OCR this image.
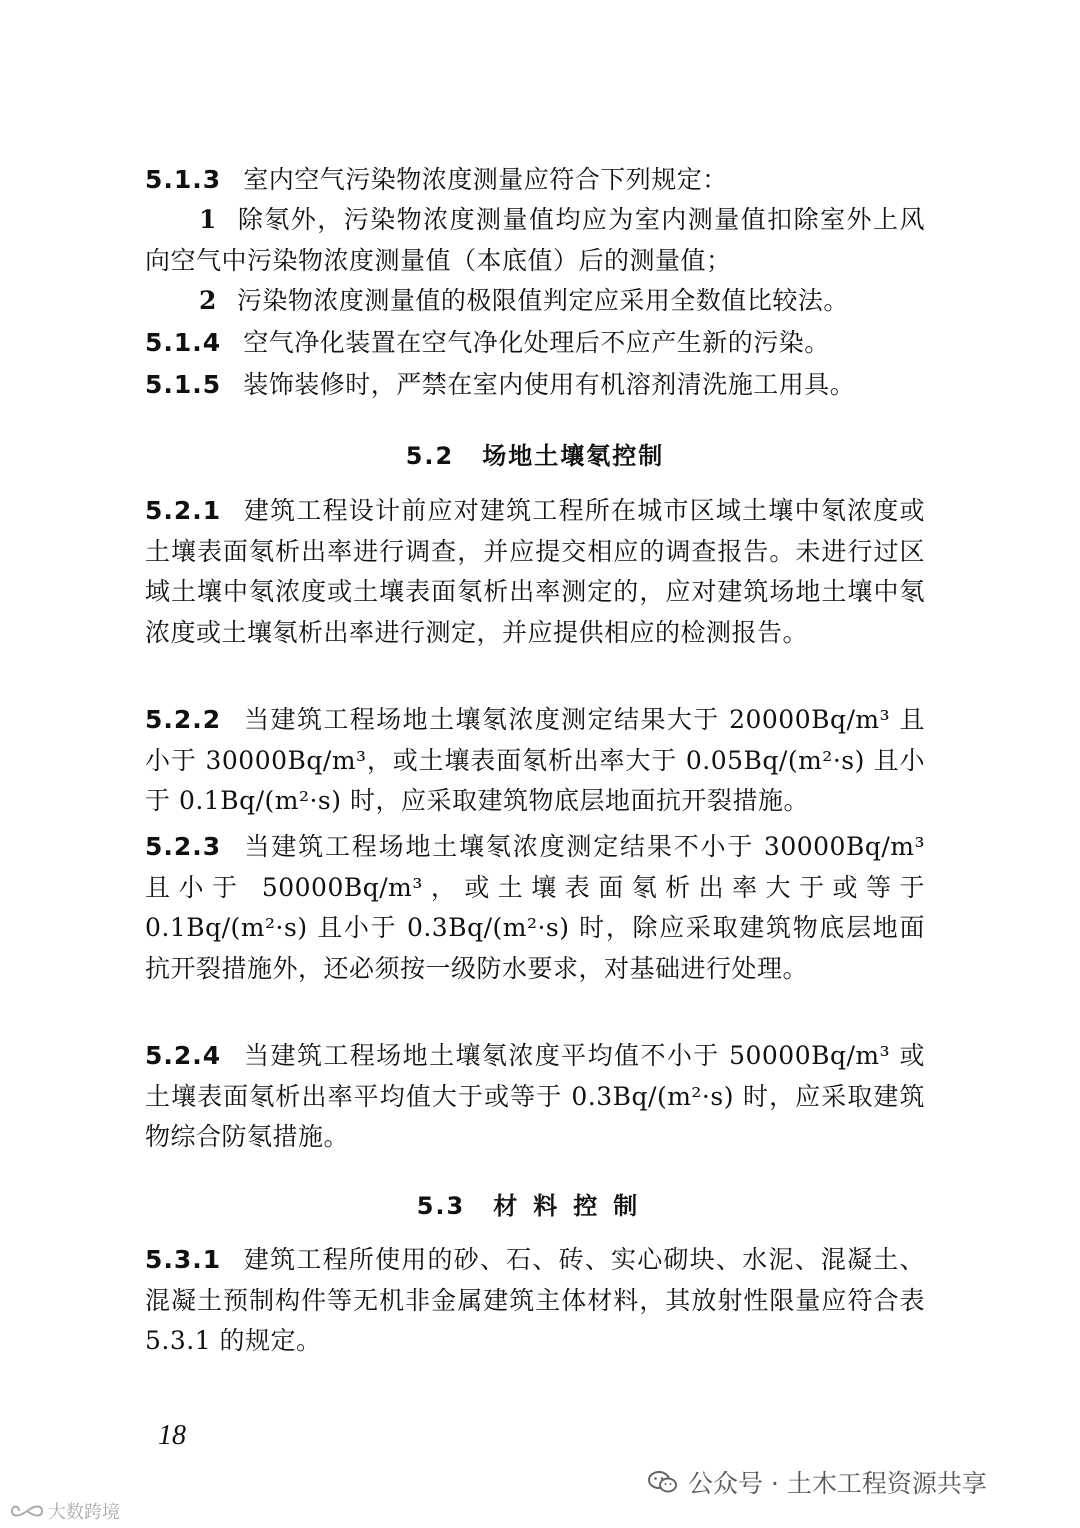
5.1.3 室内空气污染物浓度测量应符合下列规定：
1 除氡外，污染物浓度测量值均应为室内测量值扣除室外上风向空气中污染物浓度测量值（本底值）后的测量值；
2 污染物浓度测量值的极限值判定应采用全数值比较法。
5.1.4 空气净化装置在空气净化处理后不应产生新的污染。
5.1.5 装饰装修时，严禁在室内使用有机溶剂清洗施工用具。
5.2 场地土壤氡控制
5.2.1 建筑工程设计前应对建筑工程所在城市区域土壤中氡浓度或土壤表面氡析出率进行调查，并应提交相应的调查报告。未进行过区域土壤中氡浓度或土壤表面氡析出率测定的，应对建筑场地土壤中氡浓度或土壤氡析出率进行测定，并应提供相应的检测报告。
5.2.2 当建筑工程场地土壤氡浓度测定结果大于 20000Bq/m³ 且小于 30000Bq/m³，或土壤表面氡析出率大于 0.05Bq/(m²·s) 且小于 0.1Bq/(m²·s) 时，应采取建筑物底层地面抗开裂措施。
5.2.3 当建筑工程场地土壤氡浓度测定结果不小于 30000Bq/m³ 且小于 50000Bq/m³，或土壤表面氡析出率大于或等于 0.1Bq/(m²·s) 且小于 0.3Bq/(m²·s) 时，除应采取建筑物底层地面抗开裂措施外，还必须按一级防水要求，对基础进行处理。
5.2.4 当建筑工程场地土壤氡浓度平均值不小于 50000Bq/m³ 或土壤表面氡析出率平均值大于或等于 0.3Bq/(m²·s) 时，应采取建筑物综合防氡措施。
5.3 材料控制
5.3.1 建筑工程所使用的砂、石、砖、实心砌块、水泥、混凝土、混凝土预制构件等无机非金属建筑主体材料，其放射性限量应符合表 5.3.1 的规定。
18
公众号 · 土木工程资源共享
大数跨境
